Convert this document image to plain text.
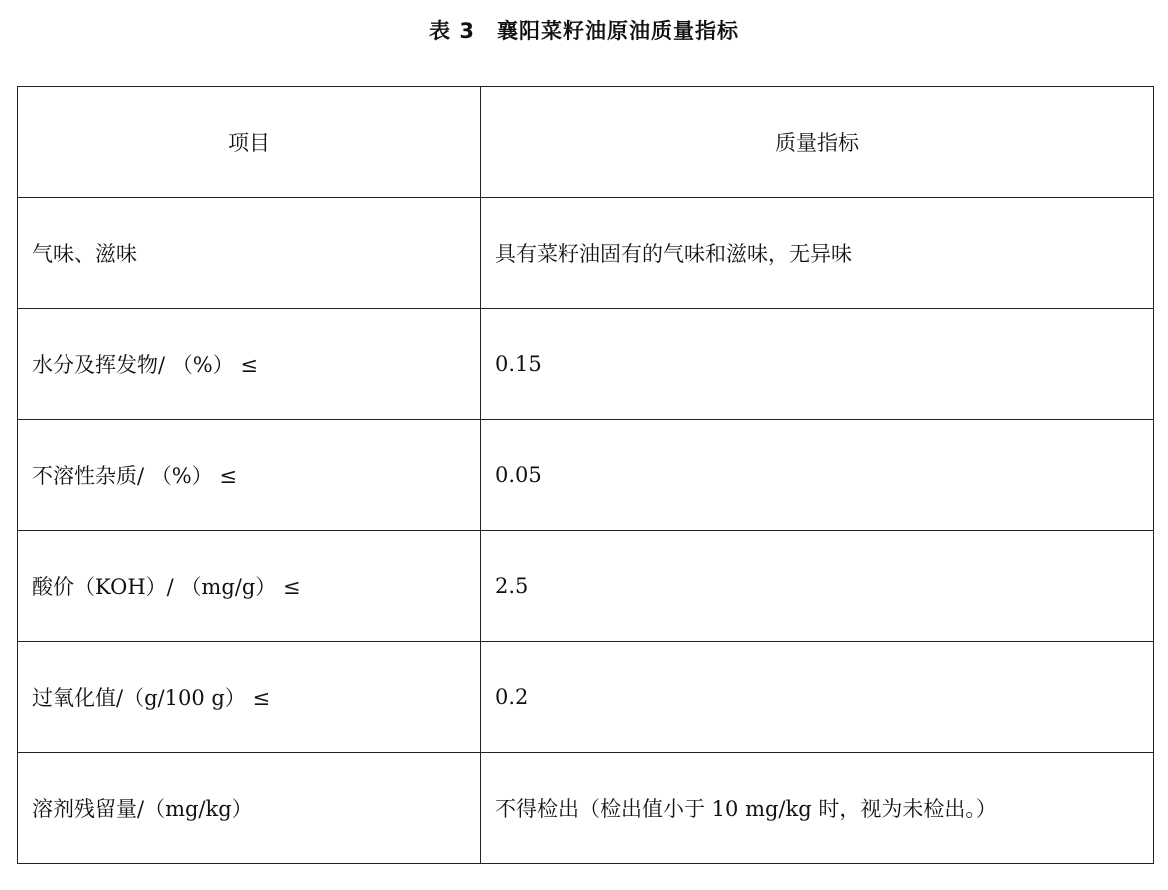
表 3　襄阳菜籽油原油质量指标
项目	质量指标
气味、滋味	具有菜籽油固有的气味和滋味，无异味
水分及挥发物/ （%） ≤	0.15
不溶性杂质/ （%） ≤	0.05
酸价（KOH）/ （mg/g） ≤	2.5
过氧化值/（g/100 g） ≤	0.2
溶剂残留量/（mg/kg）	不得检出（检出值小于 10 mg/kg 时，视为未检出。）
